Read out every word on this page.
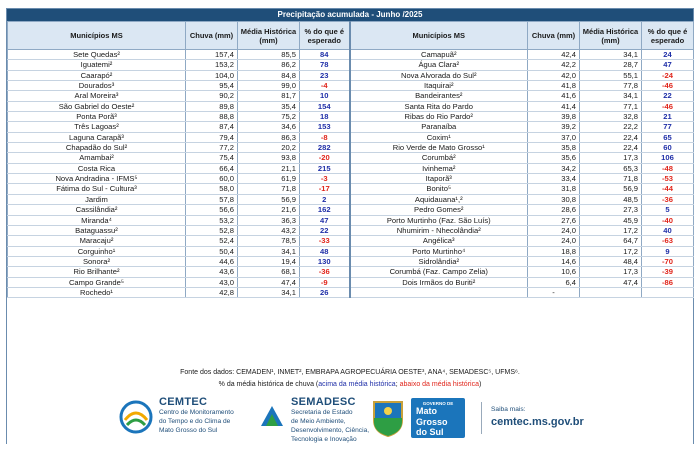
Precipitação acumulada - Junho /2025
Municípios MS	Chuva (mm)	Média Histórica (mm)	% do que é esperado	Municípios MS	Chuva (mm)	Média Histórica (mm)	% do que é esperado
Sete Quedas²	157,4	85,5	84	Camapuã²	42,4	34,1	24
Iguatemi²	153,2	86,2	78	Água Clara²	42,2	28,7	47
Caarapó²	104,0	84,8	23	Nova Alvorada do Sul²	42,0	55,1	-24
Dourados³	95,4	99,0	-4	Itaquirai²	41,8	77,8	-46
Aral Moreira³	90,2	81,7	10	Bandeirantes²	41,6	34,1	22
São Gabriel do Oeste²	89,8	35,4	154	Santa Rita do Pardo	41,4	77,1	-46
Ponta Porã³	88,8	75,2	18	Ribas do Rio Pardo²	39,8	32,8	21
Três Lagoas²	87,4	34,6	153	Paranaíba	39,2	22,2	77
Laguna Carapã³	79,4	86,3	-8	Coxim¹	37,0	22,4	65
Chapadão do Sul²	77,2	20,2	282	Rio Verde de Mato Grosso¹	35,8	22,4	60
Amambai²	75,4	93,8	-20	Corumbá²	35,6	17,3	106
Costa Rica	66,4	21,1	215	Ivinhema²	34,2	65,3	-48
Nova Andradina - IFMS⁵	60,0	61,9	-3	Itaporã³	33,4	71,8	-53
Fátima do Sul - Cultura³	58,0	71,8	-17	Bonito⁵	31,8	56,9	-44
Jardim	57,8	56,9	2	Aquidauana¹,²	30,8	48,5	-36
Cassilândia²	56,6	21,6	162	Pedro Gomes²	28,6	27,3	5
Miranda⁴	53,2	36,3	47	Porto Murtinho (Faz. São Luís)	27,6	45,9	-40
Bataguassu²	52,8	43,2	22	Nhumirim - Nhecolândia²	24,0	17,2	40
Maracaju²	52,4	78,5	-33	Angélica³	24,0	64,7	-63
Corguinho¹	50,4	34,1	48	Porto Murtinho⁴	18,8	17,2	9
Sonora²	44,6	19,4	130	Sidrolândia²	14,6	48,4	-70
Rio Brilhante²	43,6	68,1	-36	Corumbá (Faz. Campo Zelia)	10,6	17,3	-39
Campo Grande⁵	43,0	47,4	-9	Dois Irmãos do Buriti²	6,4	47,4	-86
Rochedo¹	42,8	34,1	26		-		
Fonte dos dados: CEMADEN¹, INMET², EMBRAPA AGROPECUÁRIA OESTE³, ANA⁴, SEMADESC⁵, UFMS⁶.
% da média histórica de chuva (acima da média histórica; abaixo da média histórica)
CEMTEC
Centro de Monitoramento
do Tempo e do Clima de
Mato Grosso do Sul
SEMADESC
Secretaria de Estado
de Meio Ambiente,
Desenvolvimento, Ciência,
Tecnologia e Inovação
GOVERNO DE
Mato
Grosso
do Sul
Saiba mais:
cemtec.ms.gov.br
